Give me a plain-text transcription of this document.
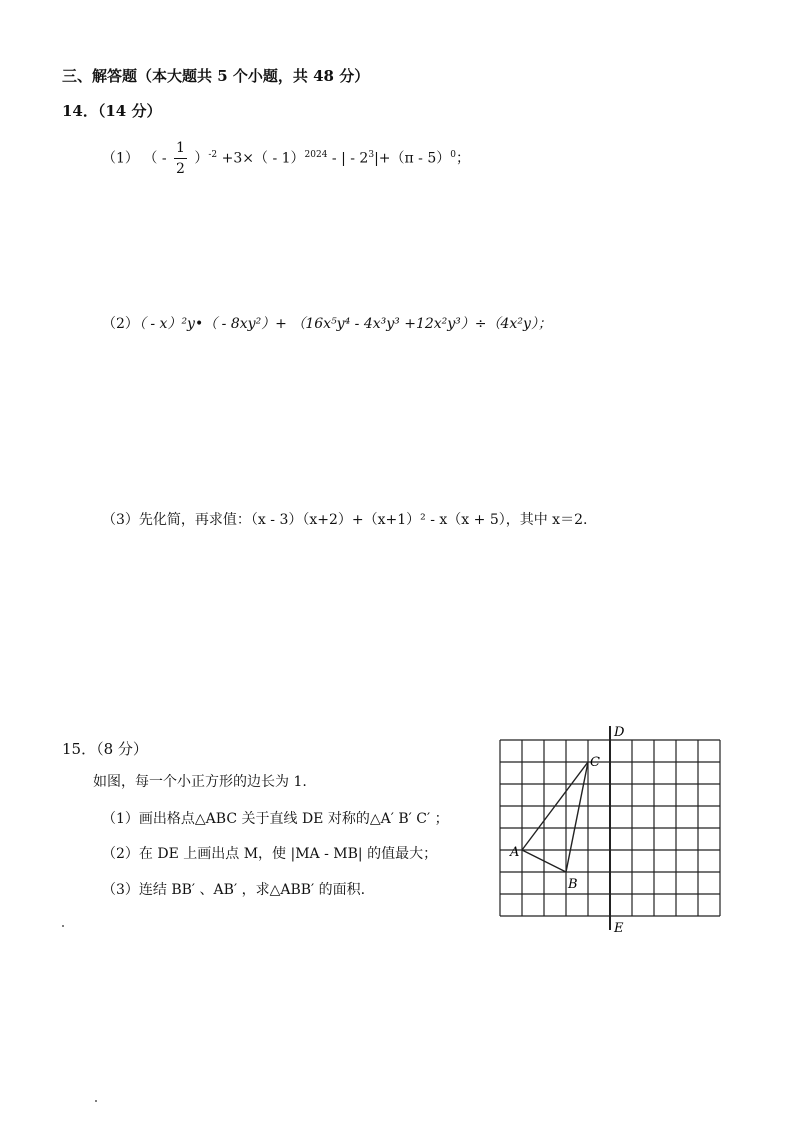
三、解答题（本大题共 5 个小题，共 48 分）
14．（14 分）
（1） （ - $\frac{1}{2} )^{-2} +3\times( - 1)^{2024}$ - | - $2^3|+(\pi - 5)^0$；
（2）（ - x）²y•（ - 8xy²）+ （16x⁵y⁴ - 4x³y³ +12x²y³）÷（4x²y）；
（3）先化简，再求值：（x - 3）（x+2）+（x+1）² - x（x + 5），其中 x＝2.
15．（8 分）
如图，每一个小正方形的边长为 1.
（1）画出格点△ABC 关于直线 DE 对称的△A′ B′ C′ ；
（2）在 DE 上画出点 M，使 |MA - MB| 的值最大；
（3）连结 BB′ 、AB′ ，求△ABB′ 的面积.
D
E
A
B
C
